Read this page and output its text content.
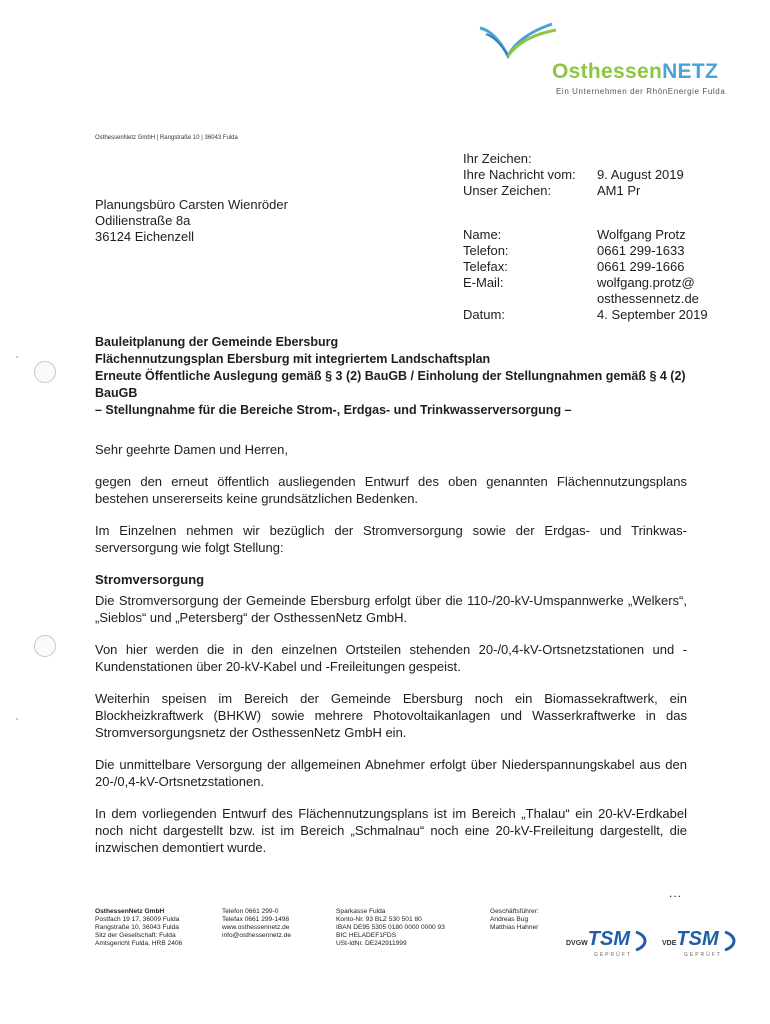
OsthessenNETZ
Ein Unternehmen der RhönEnergie Fulda
OsthessenNetz GmbH | Rangstraße 10 | 36043 Fulda
Planungsbüro Carsten Wienröder
Odilienstraße 8a
36124 Eichenzell
Ihr Zeichen:
Ihre Nachricht vom:	9. August 2019
Unser Zeichen:	AM1 Pr
Name:	Wolfgang Protz
Telefon:	0661 299-1633
Telefax:	0661 299-1666
E-Mail:	wolfgang.protz@
osthessennetz.de
Datum:	4. September 2019
Bauleitplanung der Gemeinde Ebersburg
Flächennutzungsplan Ebersburg mit integriertem Landschaftsplan
Erneute Öffentliche Auslegung gemäß § 3 (2) BauGB / Einholung der Stellungnahmen gemäß § 4 (2) BauGB
– Stellungnahme für die Bereiche Strom-, Erdgas- und Trinkwasserversorgung –

Sehr geehrte Damen und Herren,

gegen den erneut öffentlich ausliegenden Entwurf des oben genannten Flächennutzungsplans bestehen unsererseits keine grundsätzlichen Bedenken.

Im Einzelnen nehmen wir bezüglich der Stromversorgung sowie der Erdgas- und Trinkwasserversorgung wie folgt Stellung:

Stromversorgung

Die Stromversorgung der Gemeinde Ebersburg erfolgt über die 110-/20-kV-Umspannwerke „Welkers“, „Sieblos“ und „Petersberg“ der OsthessenNetz GmbH.

Von hier werden die in den einzelnen Ortsteilen stehenden 20-/0,4-kV-Ortsnetzstationen und -Kundenstationen über 20-kV-Kabel und -Freileitungen gespeist.

Weiterhin speisen im Bereich der Gemeinde Ebersburg noch ein Biomassekraftwerk, ein Blockheizkraftwerk (BHKW) sowie mehrere Photovoltaikanlagen und Wasserkraftwerke in das Stromversorgungsnetz der OsthessenNetz GmbH ein.

Die unmittelbare Versorgung der allgemeinen Abnehmer erfolgt über Niederspannungskabel aus den 20-/0,4-kV-Ortsnetzstationen.

In dem vorliegenden Entwurf des Flächennutzungsplans ist im Bereich „Thalau“ ein 20-kV-Erdkabel noch nicht dargestellt bzw. ist im Bereich „Schmalnau“ noch eine 20-kV-Freileitung dargestellt, die inzwischen demontiert wurde.

...
OsthessenNetz GmbH
Postfach 19 17, 36009 Fulda
Rangstraße 10, 36043 Fulda
Sitz der Gesellschaft: Fulda
Amtsgericht Fulda, HRB 2406
Telefon 0661 299-0
Telefax 0661 299-1498
www.osthessennetz.de
info@osthessennetz.de
Sparkasse Fulda
Konto-Nr. 93 BLZ 530 501 80
IBAN DE95 5305 0180 0000 0000 93
BIC HELADEF1FDS
USt-IdNr. DE242911999
Geschäftsführer:
Andreas Bug
Matthias Hahner
DVGWTSM
GEPRÜFT
VDETSM
GEPRÜFT
